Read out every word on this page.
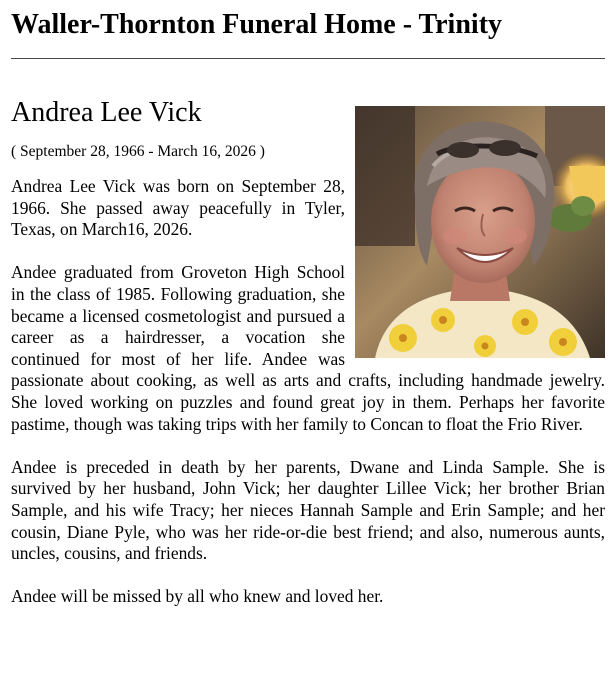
Waller-Thornton Funeral Home - Trinity
Andrea Lee Vick

( September 28, 1966 - March 16, 2026 )

Andrea Lee Vick was born on September 28, 1966. She passed away peacefully in Tyler, Texas, on March16, 2026.

Andee graduated from Groveton High School in the class of 1985. Following graduation, she became a licensed cosmetologist and pursued a career as a hairdresser, a vocation she continued for most of her life. Andee was passionate about cooking, as well as arts and crafts, including handmade jewelry. She loved working on puzzles and found great joy in them. Perhaps her favorite pastime, though was taking trips with her family to Concan to float the Frio River.

Andee is preceded in death by her parents, Dwane and Linda Sample. She is survived by her husband, John Vick; her daughter Lillee Vick; her brother Brian Sample, and his wife Tracy; her nieces Hannah Sample and Erin Sample; and her cousin, Diane Pyle, who was her ride-or-die best friend; and also, numerous aunts, uncles, cousins, and friends.

Andee will be missed by all who knew and loved her.
